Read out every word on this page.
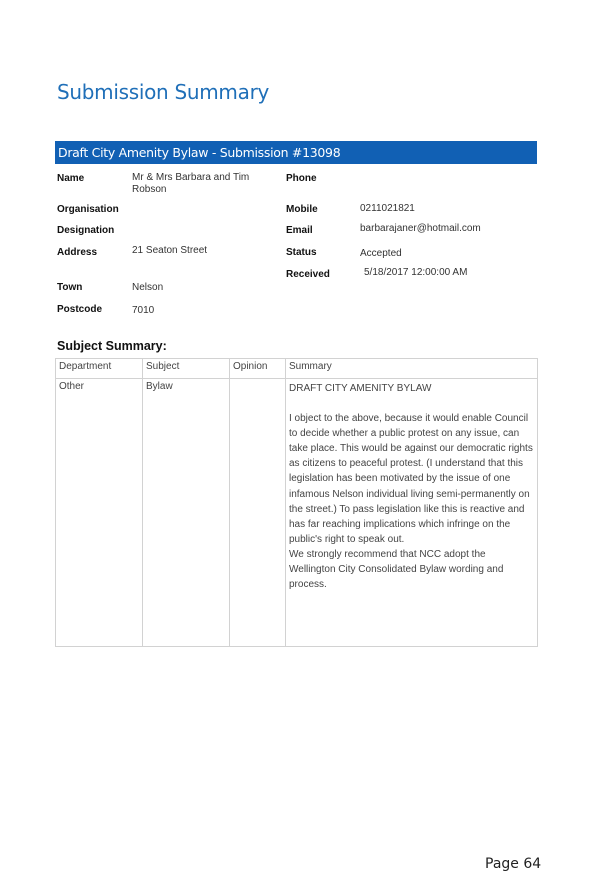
Submission Summary
Draft City Amenity Bylaw - Submission #13098
Name	Mr & Mrs Barbara and Tim
Robson
Organisation
Designation
Address	21 Seaton Street
Town	Nelson
Postcode	7010
Phone
Mobile	0211021821
Email	barbarajaner@hotmail.com
Status	Accepted
Received	5/18/2017 12:00:00 AM
Subject Summary:
Department	Subject	Opinion	Summary
Other	Bylaw		DRAFT CITY AMENITY BYLAW
I object to the above, because it would enable Council to decide whether a public protest on any issue, can take place. This would be against our democratic rights as citizens to peaceful protest. (I understand that this legislation has been motivated by the issue of one infamous Nelson individual living semi-permanently on the street.) To pass legislation like this is reactive and has far reaching implications which infringe on the public's right to speak out.
We strongly recommend that NCC adopt the Wellington City Consolidated Bylaw wording and process.
Page 64
